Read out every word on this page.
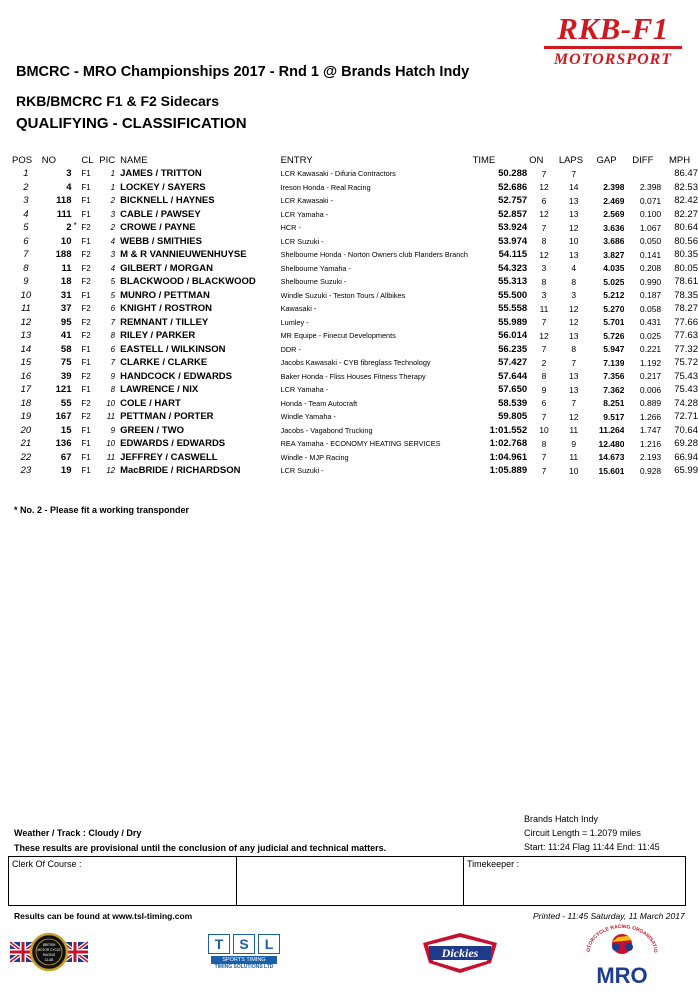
BMCRC - MRO Championships 2017 - Rnd 1 @ Brands Hatch Indy
RKB/BMCRC F1 & F2 Sidecars
QUALIFYING - CLASSIFICATION
RKB-F1
MOTORSPORT
POS	NO		CL	PIC	NAME	ENTRY	TIME	ON	LAPS	GAP	DIFF	MPH
1	3		F1	1	JAMES / TRITTON	LCR Kawasaki - Difuria Contractors	50.288	7	7			86.47
2	4		F1	1	LOCKEY / SAYERS	Ireson Honda - Real Racing	52.686	12	14	2.398	2.398	82.53
3	118		F1	2	BICKNELL / HAYNES	LCR Kawasaki -	52.757	6	13	2.469	0.071	82.42
4	111		F1	3	CABLE / PAWSEY	LCR Yamaha -	52.857	12	13	2.569	0.100	82.27
5	2	*	F2	2	CROWE / PAYNE	HCR -	53.924	7	12	3.636	1.067	80.64
6	10		F1	4	WEBB / SMITHIES	LCR Suzuki -	53.974	8	10	3.686	0.050	80.56
7	188		F2	3	M & R VANNIEUWENHUYSE	Shelbourne Honda - Norton Owners club Flanders Branch	54.115	12	13	3.827	0.141	80.35
8	11		F2	4	GILBERT / MORGAN	Shelbourne Yamaha -	54.323	3	4	4.035	0.208	80.05
9	18		F2	5	BLACKWOOD / BLACKWOOD	Shelbourne Suzuki -	55.313	8	8	5.025	0.990	78.61
10	31		F1	5	MUNRO / PETTMAN	Windle Suzuki - Teston Tours / Allbikes	55.500	3	3	5.212	0.187	78.35
11	37		F2	6	KNIGHT / ROSTRON	Kawasaki -	55.558	11	12	5.270	0.058	78.27
12	95		F2	7	REMNANT / TILLEY	Lumley -	55.989	7	12	5.701	0.431	77.66
13	41		F2	8	RILEY / PARKER	MR Equipe - Finecut Developments	56.014	12	13	5.726	0.025	77.63
14	58		F1	6	EASTELL / WILKINSON	DDR -	56.235	7	8	5.947	0.221	77.32
15	75		F1	7	CLARKE / CLARKE	Jacobs Kawasaki - CYB fibreglass Technology	57.427	2	7	7.139	1.192	75.72
16	39		F2	9	HANDCOCK / EDWARDS	Baker Honda - Fliss Houses Fitness Therapy	57.644	8	13	7.356	0.217	75.43
17	121		F1	8	LAWRENCE / NIX	LCR Yamaha -	57.650	9	13	7.362	0.006	75.43
18	55		F2	10	COLE / HART	Honda - Team Autocraft	58.539	6	7	8.251	0.889	74.28
19	167		F2	11	PETTMAN / PORTER	Windle Yamaha -	59.805	7	12	9.517	1.266	72.71
20	15		F1	9	GREEN / TWO	Jacobs - Vagabond Trucking	1:01.552	10	11	11.264	1.747	70.64
21	136		F1	10	EDWARDS / EDWARDS	REA Yamaha - ECONOMY HEATING SERVICES	1:02.768	8	9	12.480	1.216	69.28
22	67		F1	11	JEFFREY / CASWELL	Windle - MJP Racing	1:04.961	7	11	14.673	2.193	66.94
23	19		F1	12	MacBRIDE / RICHARDSON	LCR Suzuki -	1:05.889	7	10	15.601	0.928	65.99
* No. 2 - Please fit a working transponder
Brands Hatch Indy
Circuit Length = 1.2079 miles
Start: 11:24 Flag 11:44 End: 11:45
Weather / Track : Cloudy / Dry
These results are provisional until the conclusion of any judicial and technical matters.
Clerk Of Course :	Timekeeper :
Results can be found at www.tsl-timing.com	Printed - 11:45 Saturday, 11 March 2017
BRITISH
MOTOR CYCLE
RACING
CLUB
T	S	L
SPORTS TIMING
TIMING SOLUTIONS LTD
Dickies	OTORCYCLE RACING ORGANISATIO
MRO
